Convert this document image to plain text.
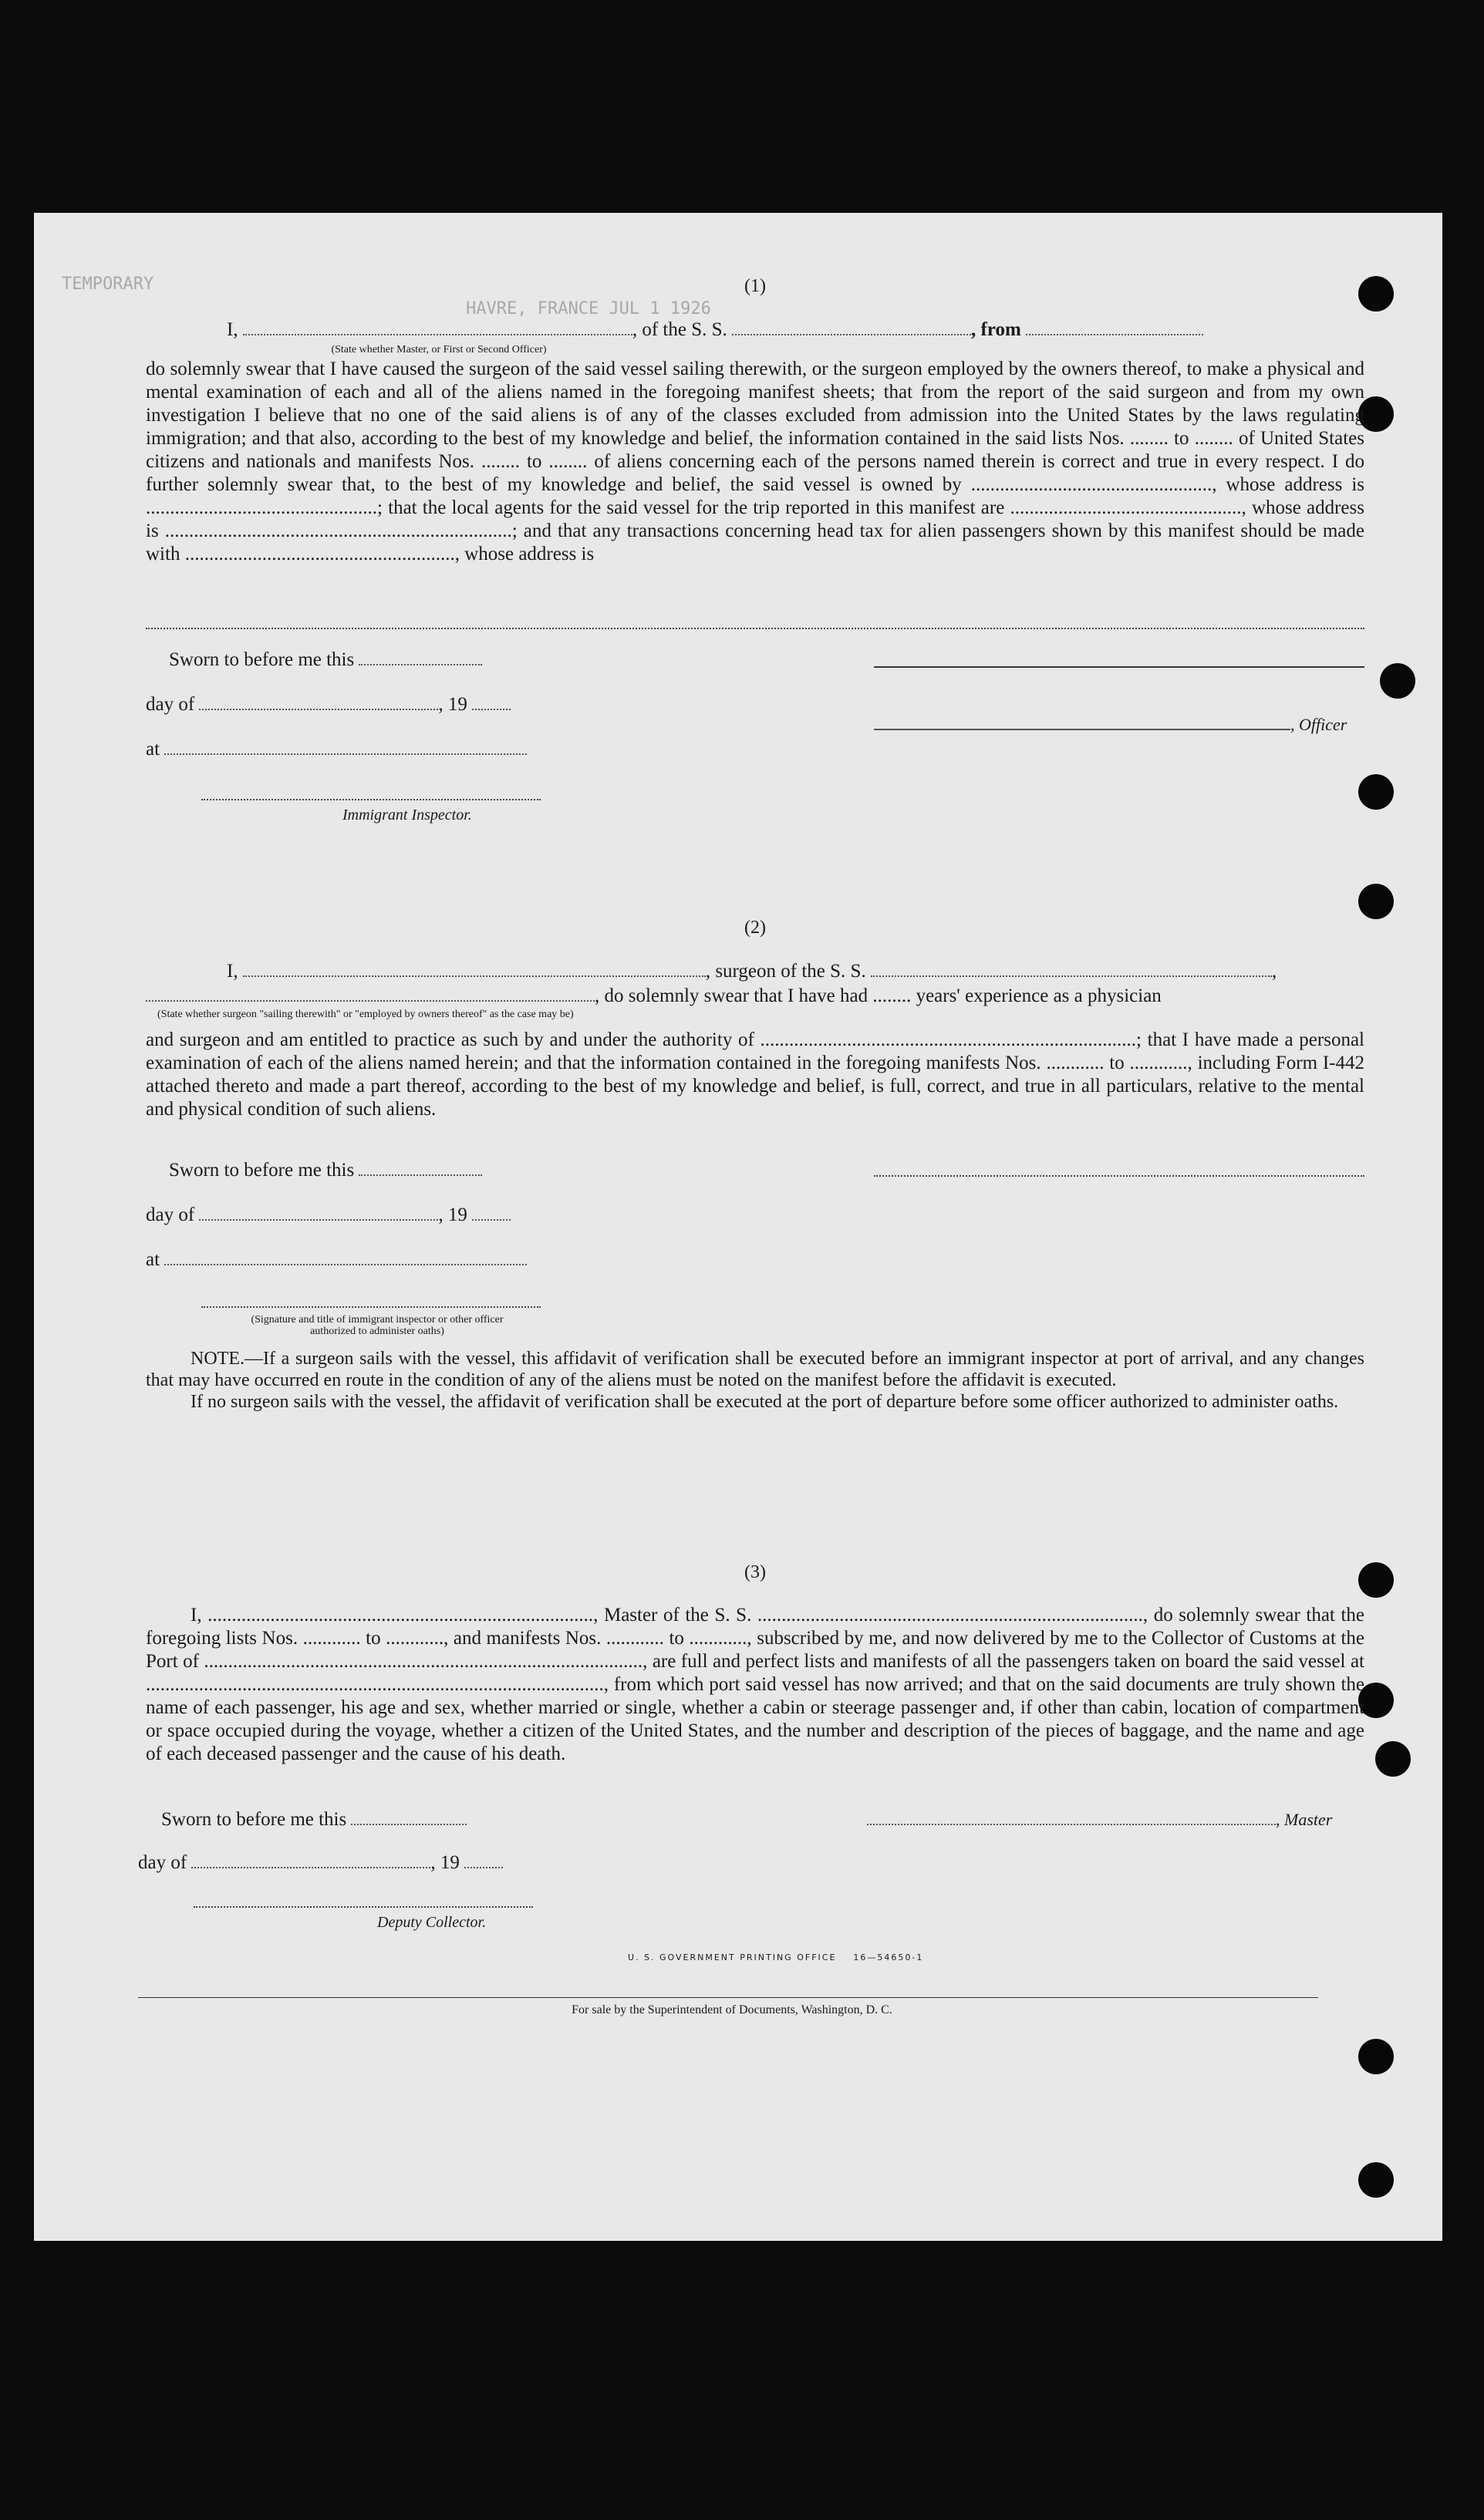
TEMPORARY
HAVRE, FRANCE JUL 1 1926
(1)
I,	, of the S. S.	, from
(State whether Master, or First or Second Officer)

do solemnly swear that I have caused the surgeon of the said vessel sailing therewith, or the surgeon employed by the owners thereof, to make a physical and mental examination of each and all of the aliens named in the foregoing manifest sheets; that from the report of the said surgeon and from my own investigation I believe that no one of the said aliens is of any of the classes excluded from admission into the United States by the laws regulating immigration; and that also, according to the best of my knowledge and belief, the information contained in the said lists Nos. ........ to ........ of United States citizens and nationals and manifests Nos. ........ to ........ of aliens concerning each of the persons named therein is correct and true in every respect. I do further solemnly swear that, to the best of my knowledge and belief, the said vessel is owned by .................................................., whose address is ................................................; that the local agents for the said vessel for the trip reported in this manifest are ................................................, whose address is ........................................................................; and that any transactions concerning head tax for alien passengers shown by this manifest should be made with ........................................................, whose address is

Sworn to before me this
day of	, 19
at
Immigrant Inspector.
, Officer
(2)
I,	, surgeon of the S. S.	,
, do solemnly swear that I have had ........ years' experience as a physician
(State whether surgeon "sailing therewith" or "employed by owners thereof" as the case may be)

and surgeon and am entitled to practice as such by and under the authority of ..............................................................................; that I have made a personal examination of each of the aliens named herein; and that the information contained in the foregoing manifests Nos. ............ to ............, including Form I-442 attached thereto and made a part thereof, according to the best of my knowledge and belief, is full, correct, and true in all particulars, relative to the mental and physical condition of such aliens.

Sworn to before me this
day of	, 19
at
(Signature and title of immigrant inspector or other officer authorized to administer oaths)

NOTE.—If a surgeon sails with the vessel, this affidavit of verification shall be executed before an immigrant inspector at port of arrival, and any changes that may have occurred en route in the condition of any of the aliens must be noted on the manifest before the affidavit is executed.

If no surgeon sails with the vessel, the affidavit of verification shall be executed at the port of departure before some officer authorized to administer oaths.

(3)

I, ................................................................................, Master of the S. S. ................................................................................, do solemnly swear that the foregoing lists Nos. ............ to ............, and manifests Nos. ............ to ............, subscribed by me, and now delivered by me to the Collector of Customs at the Port of ..........................................................................................., are full and perfect lists and manifests of all the passengers taken on board the said vessel at ..............................................................................................., from which port said vessel has now arrived; and that on the said documents are truly shown the name of each passenger, his age and sex, whether married or single, whether a cabin or steerage passenger and, if other than cabin, location of compartment or space occupied during the voyage, whether a citizen of the United States, and the number and description of the pieces of baggage, and the name and age of each deceased passenger and the cause of his death.

Sworn to before me this	, Master
day of	, 19
Deputy Collector.
U. S. GOVERNMENT PRINTING OFFICE    16—54650-1
For sale by the Superintendent of Documents, Washington, D. C.
